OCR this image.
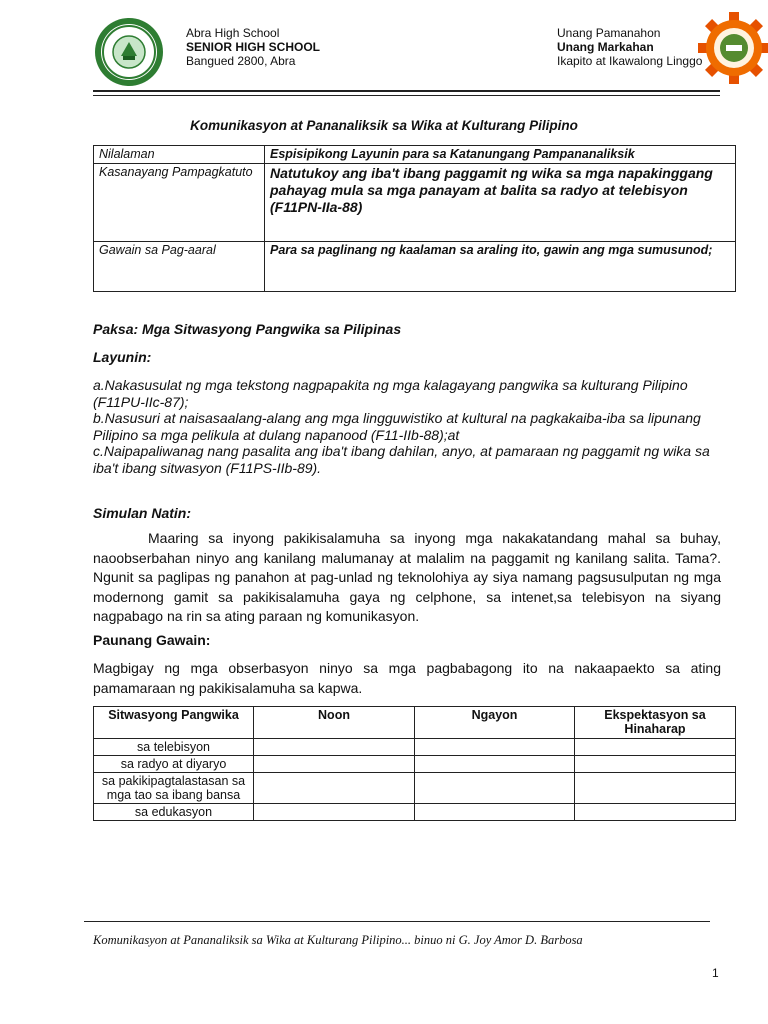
Abra High School
SENIOR HIGH SCHOOL
Bangued 2800, Abra
Unang Pamanahon
Unang Markahan
Ikapito at Ikawalong Linggo
Komunikasyon at Pananaliksik sa Wika at Kulturang Pilipino
Nilalaman	Espisipikong Layunin para sa Katanungang Pampananaliksik
Kasanayang Pampagkatuto	Natutukoy ang iba't ibang paggamit ng wika sa mga napakinggang pahayag mula sa mga panayam at balita sa radyo at telebisyon (F11PN-IIa-88)
Gawain sa Pag-aaral	Para sa paglinang ng kaalaman sa araling ito, gawin ang mga sumusunod;
Paksa: Mga Sitwasyong Pangwika sa Pilipinas
Layunin:

a.Nakasusulat ng mga tekstong nagpapakita ng mga kalagayang pangwika sa kulturang Pilipino (F11PU-IIc-87);

b.Nasusuri at naisasaalang-alang ang mga lingguwistiko at kultural na pagkakaiba-iba sa lipunang Pilipino sa mga pelikula at dulang napanood (F11-IIb-88);at

c.Naipapaliwanag nang pasalita ang iba't ibang dahilan, anyo, at pamaraan ng paggamit ng wika sa iba't ibang sitwasyon (F11PS-IIb-89).

Simulan Natin:
Maaring sa inyong pakikisalamuha sa inyong mga nakakatandang mahal sa buhay, naoobserbahan ninyo ang kanilang malumanay at malalim na paggamit ng kanilang salita. Tama?. Ngunit sa paglipas ng panahon at pag-unlad ng teknolohiya ay siya namang pagsusulputan ng mga modernong gamit sa pakikisalamuha gaya ng celphone, sa intenet,sa telebisyon na siyang nagpabago na rin sa ating paraan ng komunikasyon.
Paunang Gawain:
Magbigay ng mga obserbasyon ninyo sa mga pagbabagong ito na nakaapaekto sa ating pamamaraan ng pakikisalamuha sa kapwa.
Sitwasyong Pangwika	Noon	Ngayon	Ekspektasyon sa Hinaharap
sa telebisyon			
sa radyo at diyaryo			
sa pakikipagtalastasan sa mga tao sa ibang bansa			
sa edukasyon			
Komunikasyon at Pananaliksik sa Wika at Kulturang Pilipino... binuo ni G. Joy Amor D. Barbosa
1
